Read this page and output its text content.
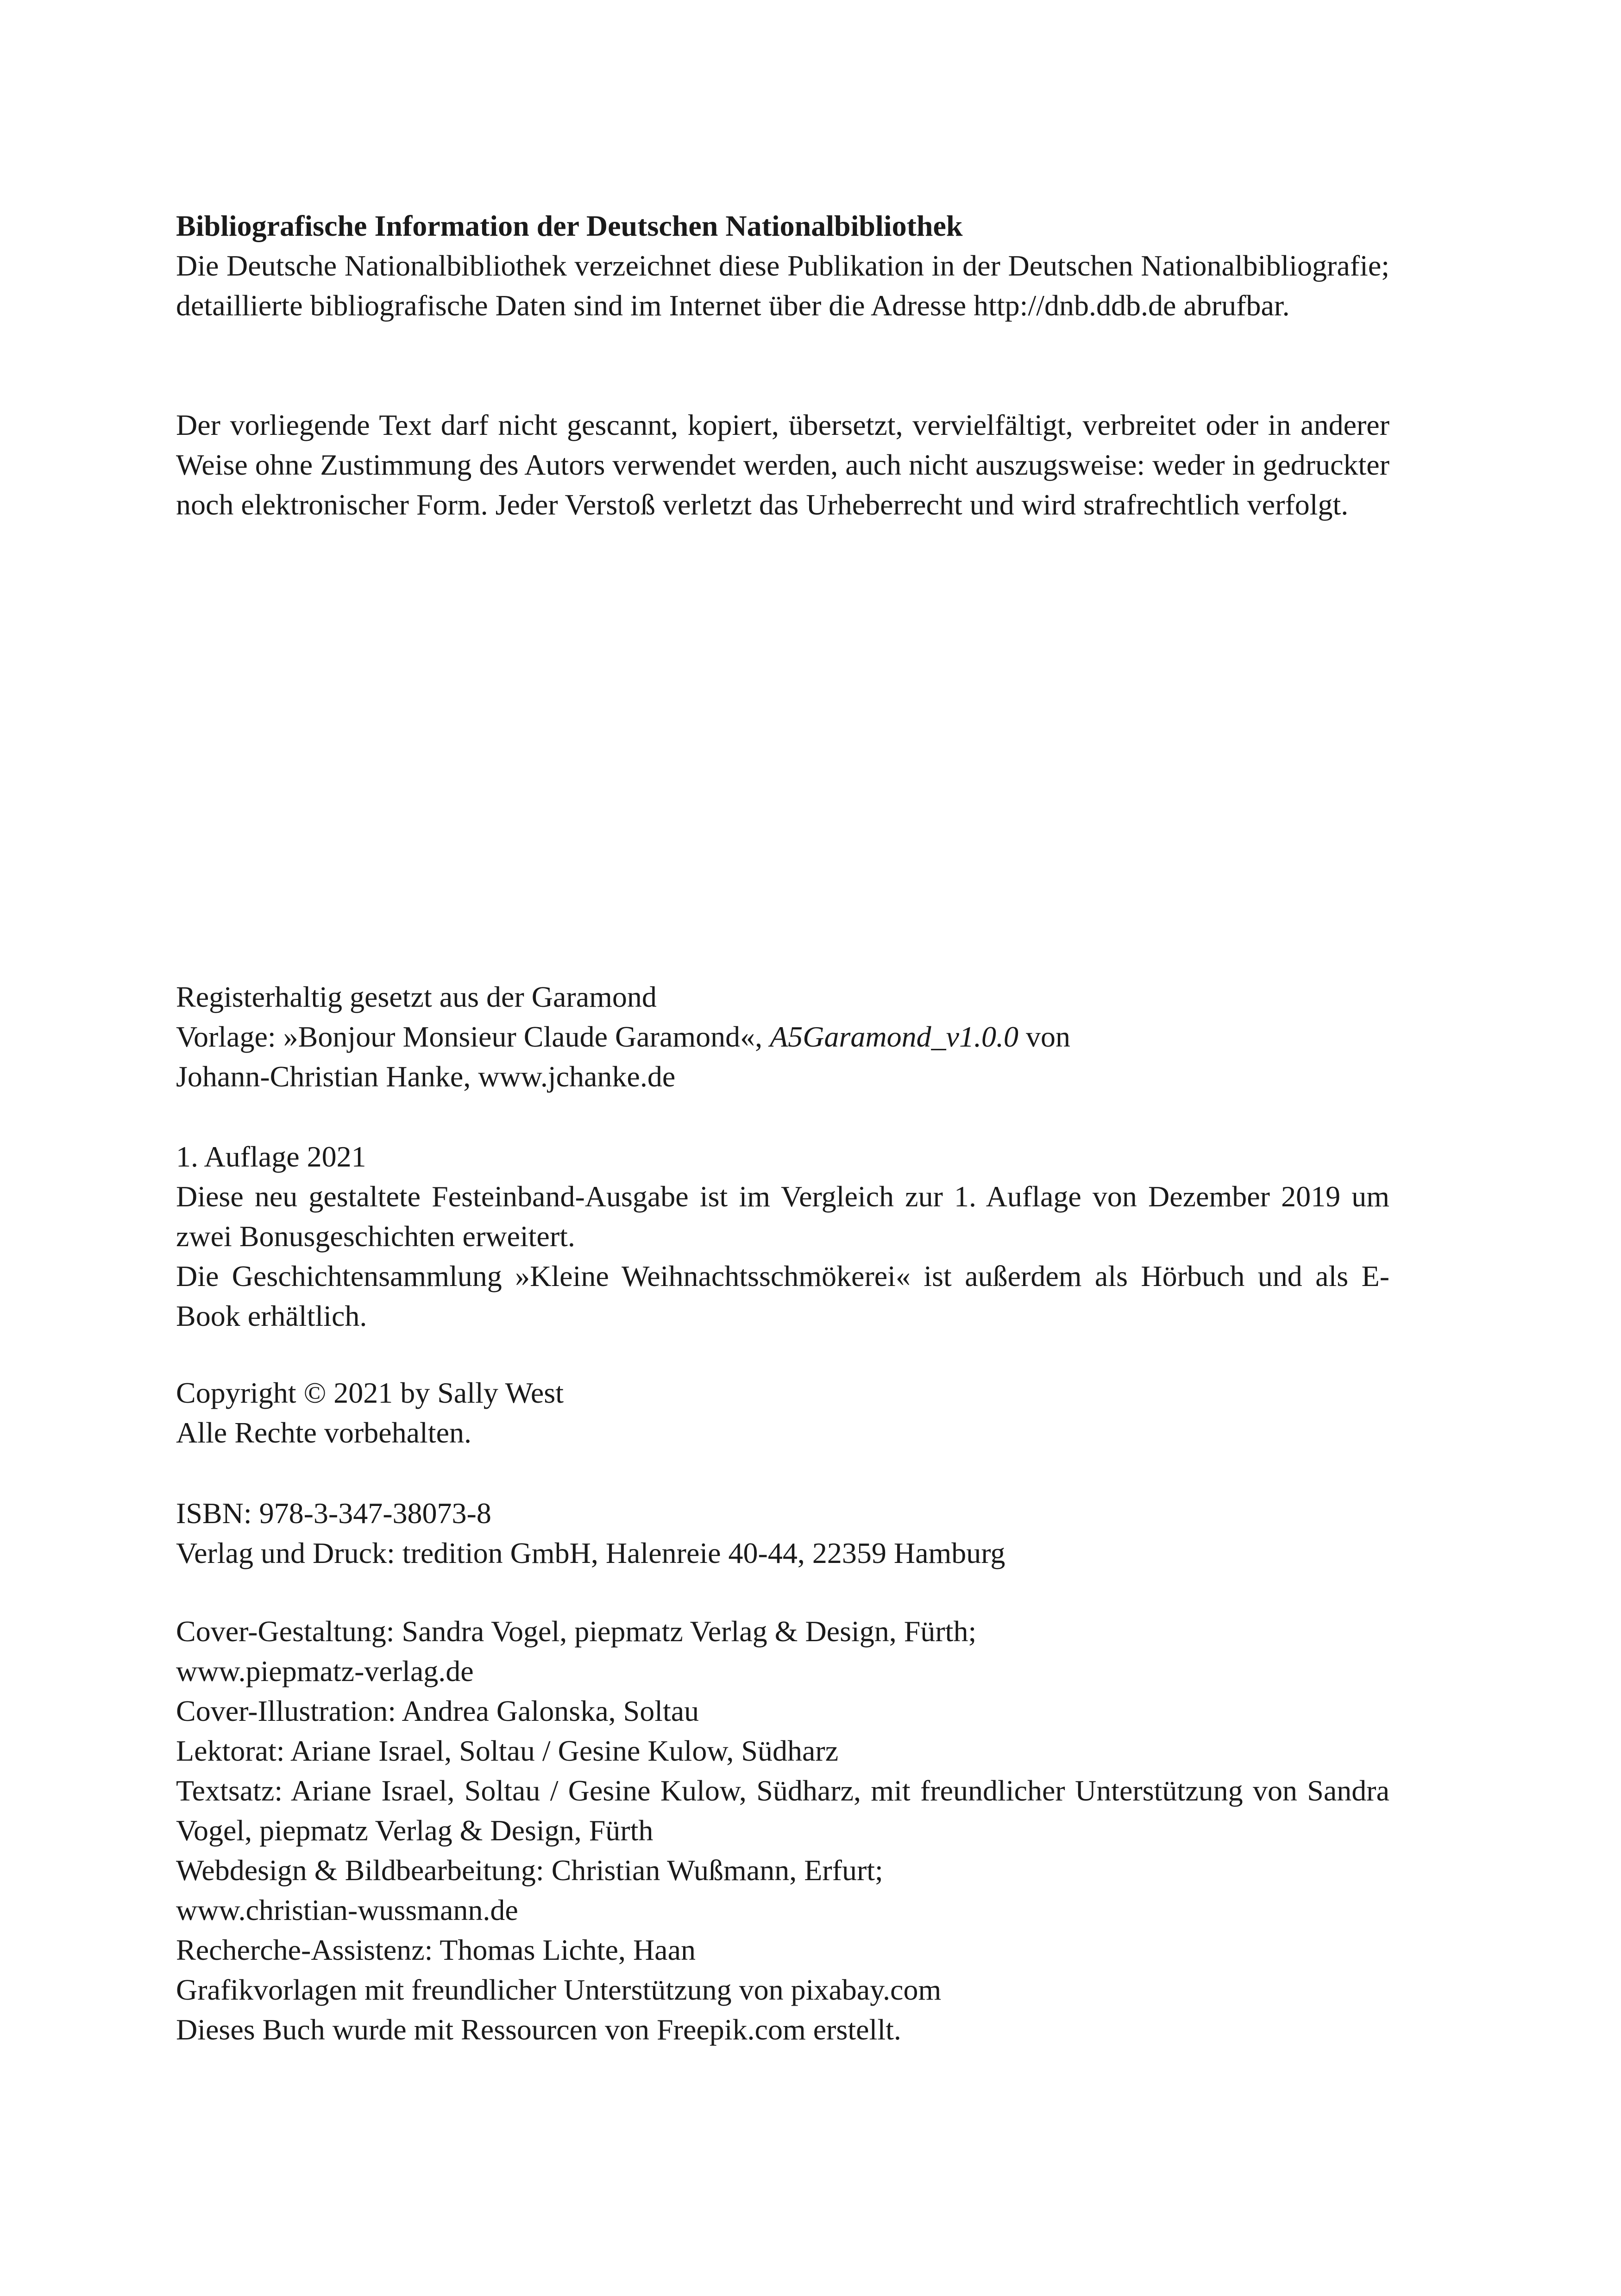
Bibliografische Information der Deutschen Nationalbibliothek

Die Deutsche Nationalbibliothek verzeichnet diese Publikation in der Deutschen Nationalbibliografie; detaillierte bibliografische Daten sind im Internet über die Adresse http://dnb.ddb.de abrufbar.

Der vorliegende Text darf nicht gescannt, kopiert, übersetzt, vervielfältigt, verbreitet oder in anderer Weise ohne Zustimmung des Autors verwendet werden, auch nicht auszugsweise: weder in gedruckter noch elektronischer Form. Jeder Verstoß verletzt das Urheberrecht und wird strafrechtlich verfolgt.

Registerhaltig gesetzt aus der Garamond

Vorlage: »Bonjour Monsieur Claude Garamond«, A5Garamond_v1.0.0 von

Johann-Christian Hanke, www.jchanke.de

1. Auflage 2021

Diese neu gestaltete Festeinband-Ausgabe ist im Vergleich zur 1. Auflage von Dezember 2019 um zwei Bonusgeschichten erweitert.

Die Geschichtensammlung »Kleine Weihnachtsschmökerei« ist außerdem als Hörbuch und als E-Book erhältlich.

Copyright © 2021 by Sally West

Alle Rechte vorbehalten.

ISBN: 978-3-347-38073-8

Verlag und Druck: tredition GmbH, Halenreie 40-44, 22359 Hamburg

Cover-Gestaltung: Sandra Vogel, piepmatz Verlag & Design, Fürth;

www.piepmatz-verlag.de

Cover-Illustration: Andrea Galonska, Soltau

Lektorat: Ariane Israel, Soltau / Gesine Kulow, Südharz

Textsatz: Ariane Israel, Soltau / Gesine Kulow, Südharz, mit freundlicher Unterstützung von Sandra Vogel, piepmatz Verlag & Design, Fürth

Webdesign & Bildbearbeitung: Christian Wußmann, Erfurt;

www.christian-wussmann.de

Recherche-Assistenz: Thomas Lichte, Haan

Grafikvorlagen mit freundlicher Unterstützung von pixabay.com

Dieses Buch wurde mit Ressourcen von Freepik.com erstellt.
